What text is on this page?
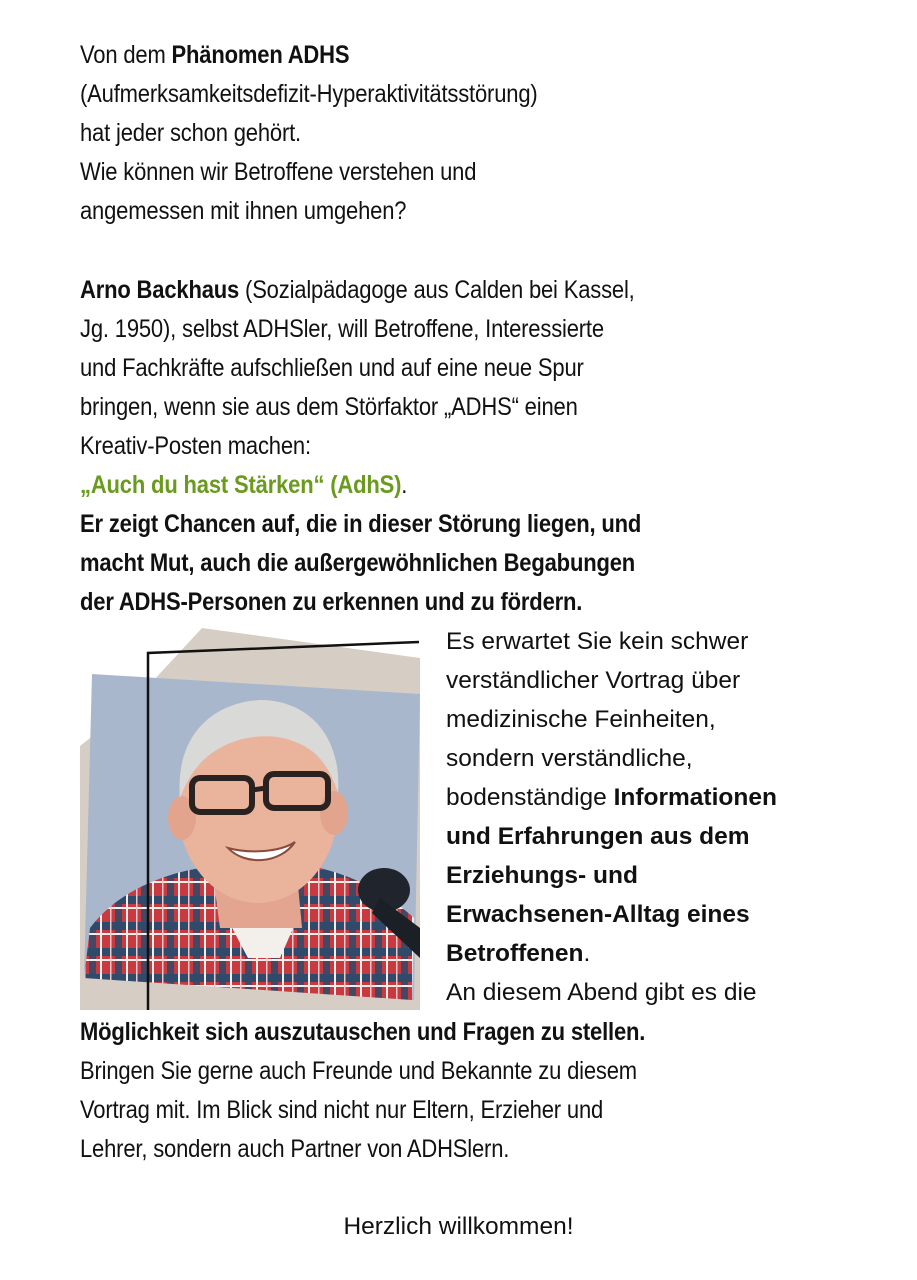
Von dem Phänomen ADHS
(Aufmerksamkeitsdefizit-Hyperaktivitätsstörung)
hat jeder schon gehört.
Wie können wir Betroffene verstehen und
angemessen mit ihnen umgehen?
Arno Backhaus (Sozialpädagoge aus Calden bei Kassel,
Jg. 1950), selbst ADHSler, will Betroffene, Interessierte
und Fachkräfte aufschließen und auf eine neue Spur
bringen, wenn sie aus dem Störfaktor „ADHS“ einen
Kreativ-Posten machen:
„Auch du hast Stärken“ (AdhS).
Er zeigt Chancen auf, die in dieser Störung liegen, und
macht Mut, auch die außergewöhnlichen Begabungen
der ADHS-Personen zu erkennen und zu fördern.
Es erwartet Sie kein schwer
verständlicher Vortrag über
medizinische Feinheiten,
sondern verständliche,
bodenständige Informationen
und Erfahrungen aus dem
Erziehungs- und
Erwachsenen-Alltag eines
Betroffenen.
An diesem Abend gibt es die
Möglichkeit sich auszutauschen und Fragen zu stellen.
Bringen Sie gerne auch Freunde und Bekannte zu diesem
Vortrag mit. Im Blick sind nicht nur Eltern, Erzieher und
Lehrer, sondern auch Partner von ADHSlern.
Herzlich willkommen!
